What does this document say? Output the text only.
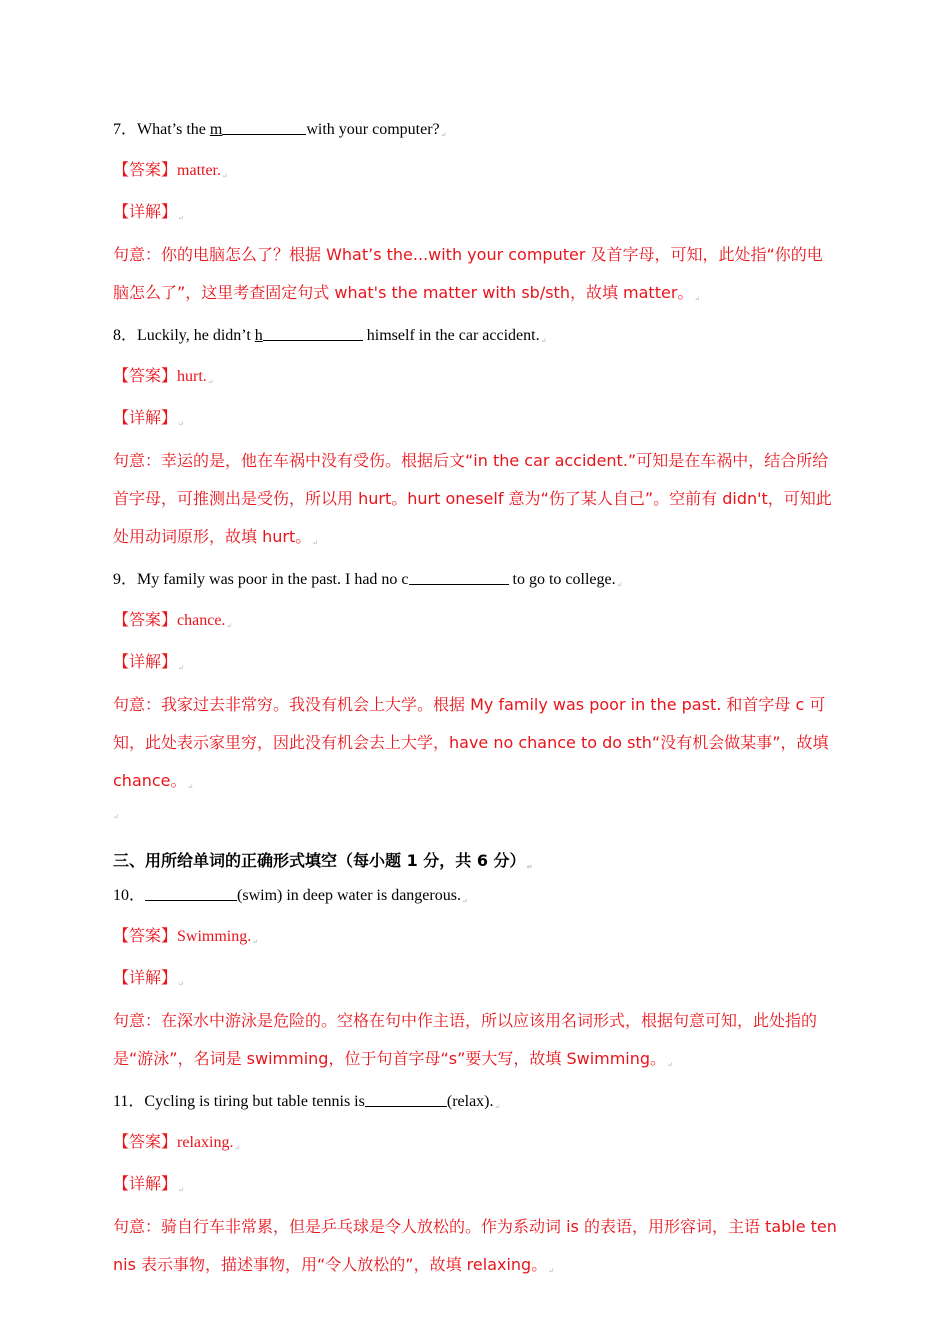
7．What’s the m	with your computer?↵
【答案】matter.↵
【详解】↵
句意：你的电脑怎么了？根据 What’s the...with your computer 及首字母，可知，此处指“你的电脑怎么了”，这里考查固定句式 what's the matter with sb/sth，故填 matter。↵
8．Luckily, he didn’t h	himself in the car accident.↵
【答案】hurt.↵
【详解】↵
句意：幸运的是，他在车祸中没有受伤。根据后文“in the car accident.”可知是在车祸中，结合所给首字母，可推测出是受伤，所以用 hurt。hurt oneself 意为“伤了某人自己”。空前有 didn't，可知此处用动词原形，故填 hurt。↵
9．My family was poor in the past. I had no c	to go to college.↵
【答案】chance.↵
【详解】↵
句意：我家过去非常穷。我没有机会上大学。根据 My family was poor in the past. 和首字母 c 可知，此处表示家里穷，因此没有机会去上大学，have no chance to do sth“没有机会做某事”，故填 chance。↵
↵
三、用所给单词的正确形式填空（每小题 1 分，共 6 分）↵
10．	(swim) in deep water is dangerous.↵
【答案】Swimming.↵
【详解】↵
句意：在深水中游泳是危险的。空格在句中作主语，所以应该用名词形式，根据句意可知，此处指的是“游泳”，名词是 swimming，位于句首字母“s”要大写，故填 Swimming。↵
11．Cycling is tiring but table tennis is	(relax).↵
【答案】relaxing.↵
【详解】↵
句意：骑自行车非常累，但是乒乓球是令人放松的。作为系动词 is 的表语，用形容词，主语 table tennis 表示事物，描述事物，用“令人放松的”，故填 relaxing。↵
